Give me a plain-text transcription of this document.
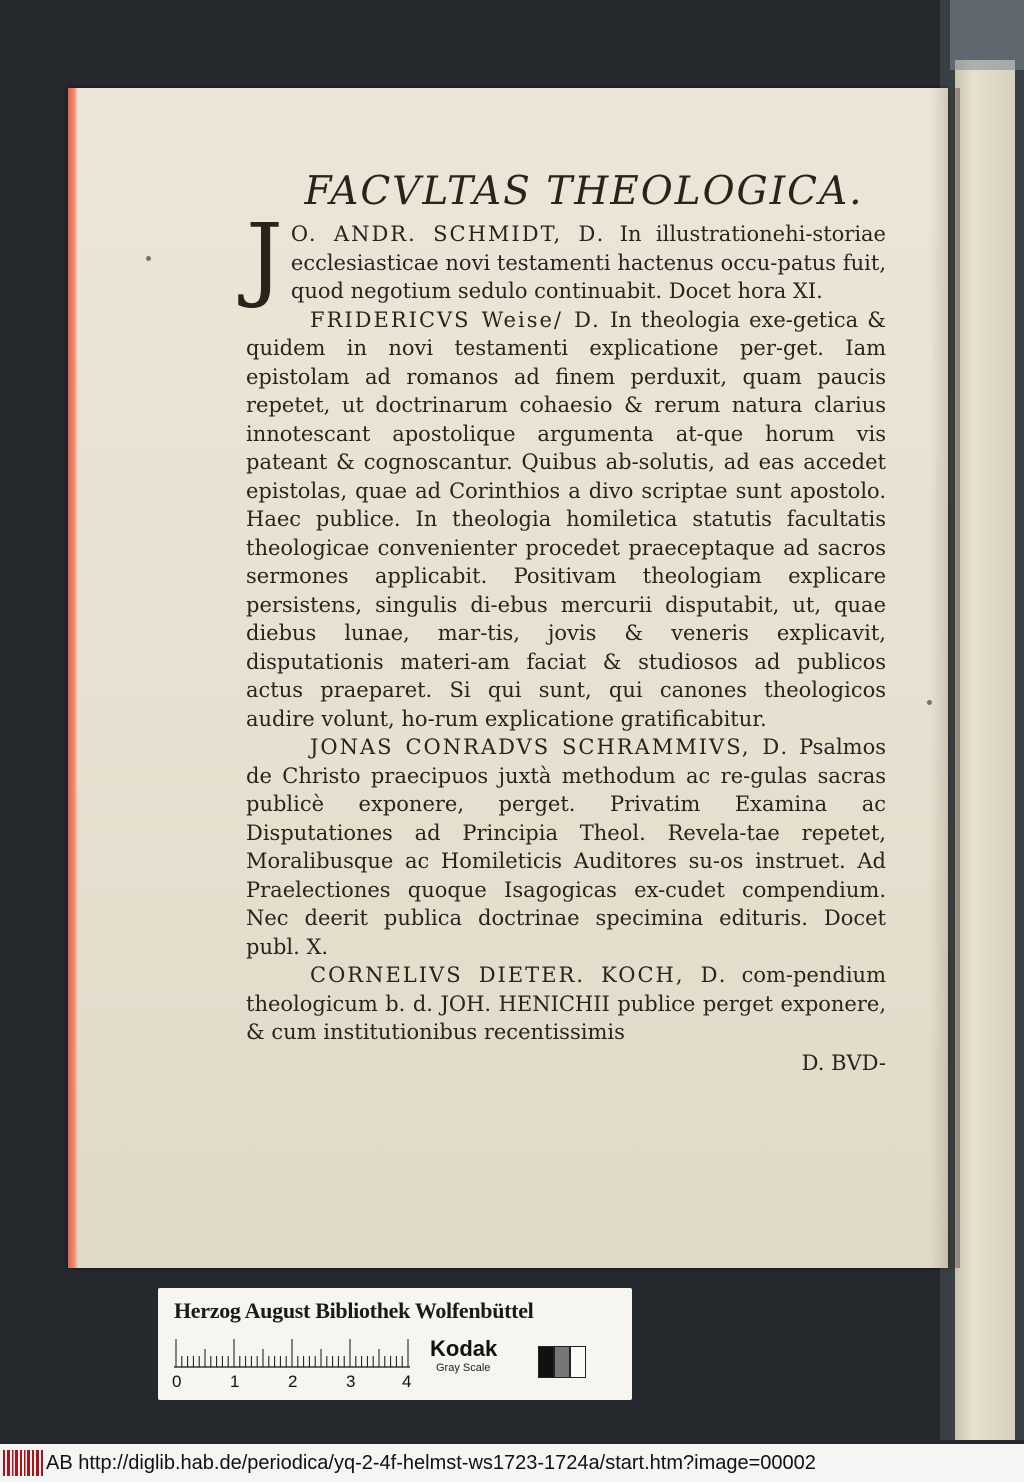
FACVLTAS THEOLOGICA.

J O. ANDR. SCHMIDT, D. In illustrationehi-storiae ecclesiasticae novi testamenti hactenus occu-patus fuit, quod negotium sedulo continuabit. Docet hora XI.

FRIDERICVS Weise/ D. In theologia exe-getica & quidem in novi testamenti explicatione per-get. Iam epistolam ad romanos ad finem perduxit, quam paucis repetet, ut doctrinarum cohaesio & rerum natura clarius innotescant apostolique argumenta at-que horum vis pateant & cognoscantur. Quibus ab-solutis, ad eas accedet epistolas, quae ad Corinthios a divo scriptae sunt apostolo. Haec publice. In theologia homiletica statutis facultatis theologicae convenienter procedet praeceptaque ad sacros sermones applicabit. Positivam theologiam explicare persistens, singulis di-ebus mercurii disputabit, ut, quae diebus lunae, mar-tis, jovis & veneris explicavit, disputationis materi-am faciat & studiosos ad publicos actus praeparet. Si qui sunt, qui canones theologicos audire volunt, ho-rum explicatione gratificabitur.

JONAS CONRADVS SCHRAMMIVS, D. Psalmos de Christo praecipuos juxtà methodum ac re-gulas sacras publicè exponere, perget. Privatim Examina ac Disputationes ad Principia Theol. Revela-tae repetet, Moralibusque ac Homileticis Auditores su-os instruet. Ad Praelectiones quoque Isagogicas ex-cudet compendium. Nec deerit publica doctrinae specimina edituris. Docet publ. X.

CORNELIVS DIETER. KOCH, D. com-pendium theologicum b. d. JOH. HENICHII publice perget exponere, & cum institutionibus recentissimis

D. BVD-
Herzog August Bibliothek Wolfenbüttel
0	1	2	3	4
Kodak
Gray Scale
AB http://diglib.hab.de/periodica/yq-2-4f-helmst-ws1723-1724a/start.htm?image=00002
